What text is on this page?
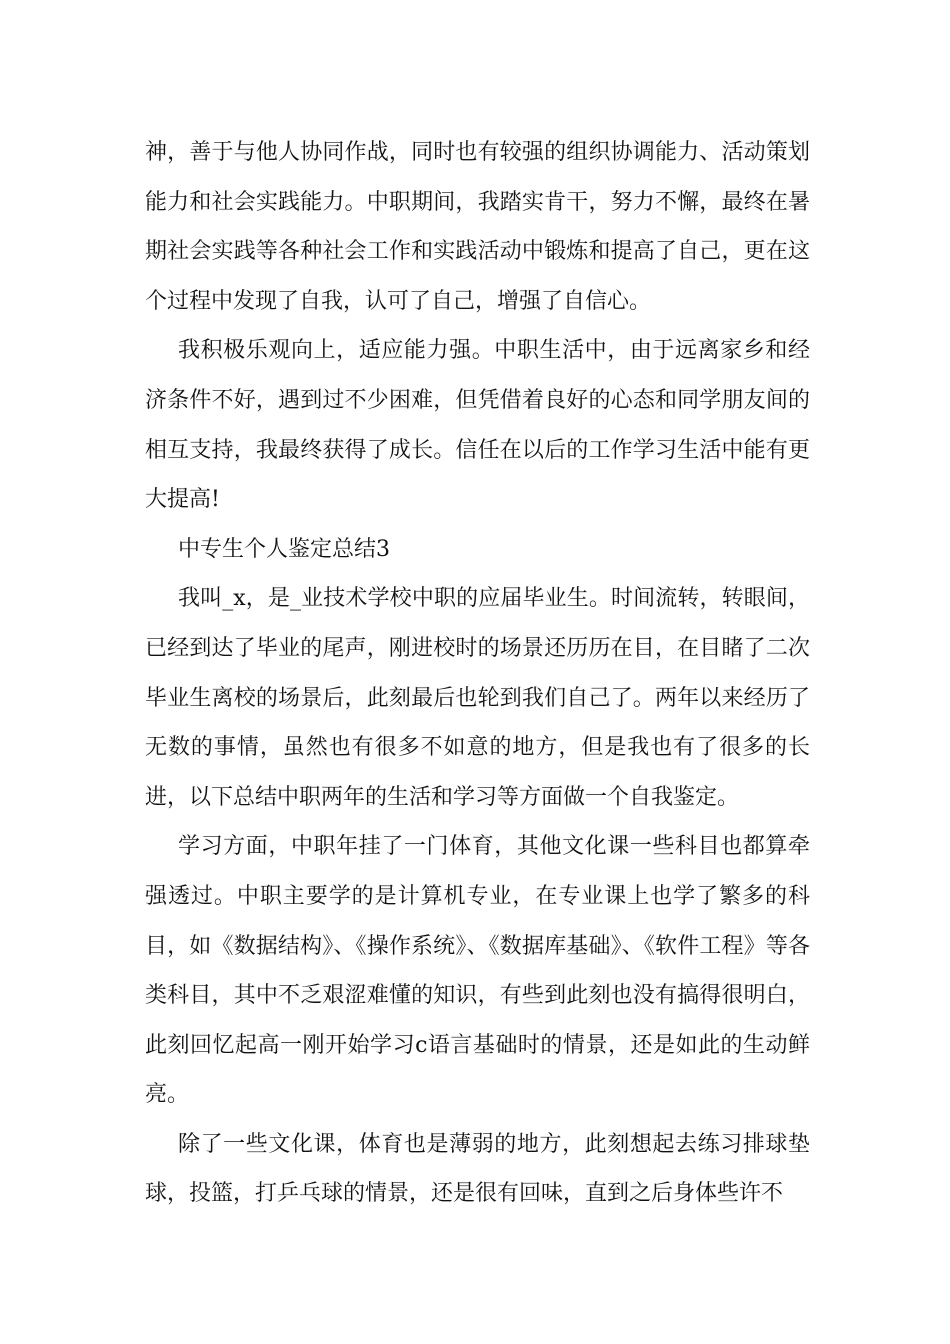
神，善于与他人协同作战，同时也有较强的组织协调能力、活动策划能力和社会实践能力。中职期间，我踏实肯干，努力不懈，最终在暑期社会实践等各种社会工作和实践活动中锻炼和提高了自己，更在这个过程中发现了自我，认可了自己，增强了自信心。

我积极乐观向上，适应能力强。中职生活中，由于远离家乡和经济条件不好，遇到过不少困难，但凭借着良好的心态和同学朋友间的相互支持，我最终获得了成长。信任在以后的工作学习生活中能有更大提高!

中专生个人鉴定总结3

我叫_x，是_业技术学校中职的应届毕业生。时间流转，转眼间，已经到达了毕业的尾声，刚进校时的场景还历历在目，在目睹了二次毕业生离校的场景后，此刻最后也轮到我们自己了。两年以来经历了无数的事情，虽然也有很多不如意的地方，但是我也有了很多的长进，以下总结中职两年的生活和学习等方面做一个自我鉴定。

学习方面，中职年挂了一门体育，其他文化课一些科目也都算牵强透过。中职主要学的是计算机专业，在专业课上也学了繁多的科目，如《数据结构》、《操作系统》、《数据库基础》、《软件工程》等各类科目，其中不乏艰涩难懂的知识，有些到此刻也没有搞得很明白，此刻回忆起高一刚开始学习c语言基础时的情景，还是如此的生动鲜亮。

除了一些文化课，体育也是薄弱的地方，此刻想起去练习排球垫球，投篮，打乒乓球的情景，还是很有回味，直到之后身体些许不
